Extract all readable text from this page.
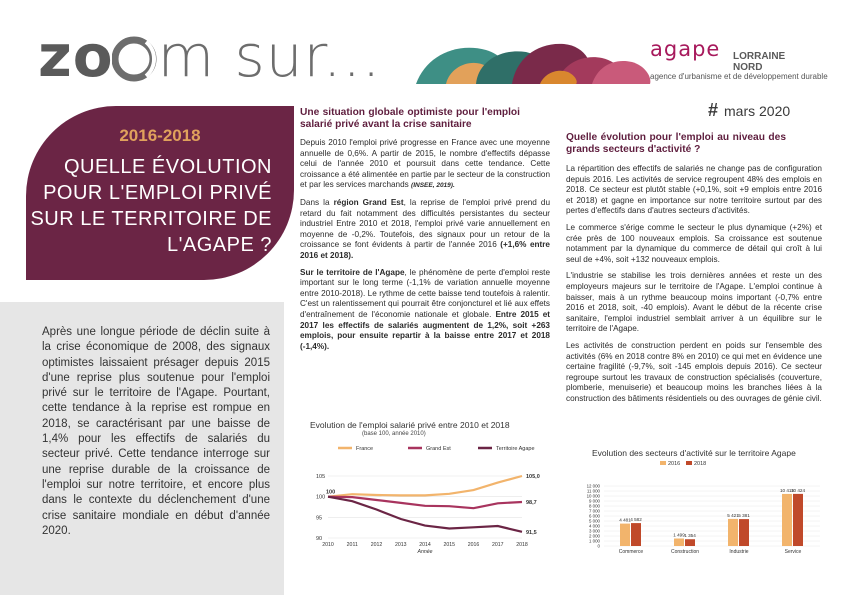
zo m sur...	agape LORRAINE
NORD
agence d'urbanisme et de développement durable
# mars 2020
2016-2018
QUELLE ÉVOLUTION POUR L'EMPLOI PRIVÉ SUR LE TERRITOIRE DE L'AGAPE ?
Après une longue période de déclin suite à la crise économique de 2008, des signaux optimistes laissaient présager depuis 2015 d'une reprise plus soutenue pour l'emploi privé sur le territoire de l'Agape. Pourtant, cette tendance à la reprise est rompue en 2018, se caractérisant par une baisse de 1,4% pour les effectifs de salariés du secteur privé. Cette tendance interroge sur une reprise durable de la croissance de l'emploi sur notre territoire, et encore plus dans le contexte du déclenchement d'une crise sanitaire mondiale en début d'année 2020.
Une situation globale optimiste pour l'emploi salarié privé avant la crise sanitaire

Depuis 2010 l'emploi privé progresse en France avec une moyenne annuelle de 0,6%. A partir de 2015, le nombre d'effectifs dépasse celui de l'année 2010 et poursuit dans cette tendance. Cette croissance a été alimentée en partie par le secteur de la construction et par les services marchands (INSEE, 2019).

Dans la région Grand Est, la reprise de l'emploi privé prend du retard du fait notamment des difficultés persistantes du secteur industriel Entre 2010 et 2018, l'emploi privé varie annuellement en moyenne de -0,2%. Toutefois, des signaux pour un retour de la croissance se font évidents à partir de l'année 2016 (+1,6% entre 2016 et 2018).

Sur le territoire de l'Agape, le phénomène de perte d'emploi reste important sur le long terme (-1,1% de variation annuelle moyenne entre 2010-2018). Le rythme de cette baisse tend toutefois à ralentir. C'est un ralentissement qui pourrait être conjoncturel et lié aux effets d'entraînement de l'économie nationale et globale. Entre 2015 et 2017 les effectifs de salariés augmentent de 1,2%, soit +263 emplois, pour ensuite repartir à la baisse entre 2017 et 2018 (-1,4%).

Quelle évolution pour l'emploi au niveau des grands secteurs d'activité ?

La répartition des effectifs de salariés ne change pas de configuration depuis 2016. Les activités de service regroupent 48% des emplois en 2018. Ce secteur est plutôt stable (+0,1%, soit +9 emplois entre 2016 et 2018) et gagne en importance sur notre territoire surtout par des pertes d'effectifs dans d'autres secteurs d'activités.

Le commerce s'érige comme le secteur le plus dynamique (+2%) et crée près de 100 nouveaux emplois. Sa croissance est soutenue notamment par la dynamique du commerce de détail qui croît à lui seul de +4%, soit +132 nouveaux emplois.

L'industrie se stabilise les trois dernières années et reste un des employeurs majeurs sur le territoire de l'Agape. L'emploi continue à baisser, mais à un rythme beaucoup moins important (-0,7% entre 2016 et 2018, soit, -40 emplois). Avant le début de la récente crise sanitaire, l'emploi industriel semblait arriver à un équilibre sur le territoire de l'Agape.

Les activités de construction perdent en poids sur l'ensemble des activités (6% en 2018 contre 8% en 2010) ce qui met en évidence une certaine fragilité (-9,7%, soit -145 emplois depuis 2016). Ce secteur regroupe surtout les travaux de construction spécialisés (couverture, plomberie, menuiserie) et beaucoup moins les branches liées à la construction des bâtiments résidentiels ou des ouvrages de génie civil.

Evolution de l'emploi salarié privé entre 2010 et 2018
(base 100, année 2010)
France	Grand Est	Territoire Agape
90
95
100
105
2010 2011 2012 2013 2014 2015 2016 2017 2018
Année
105,0
98,7
91,5
100
Evolution des secteurs d'activité sur le territoire Agape
2016	2018
0
1 000
2 000
3 000
4 000
5 000
6 000
7 000
8 000
9 000
10 000
11 000
12 000
4 481 4 582
Commerce
1 499 1 354
Construction
5 421 5 381
Industrie
10 415
10 424
Service
